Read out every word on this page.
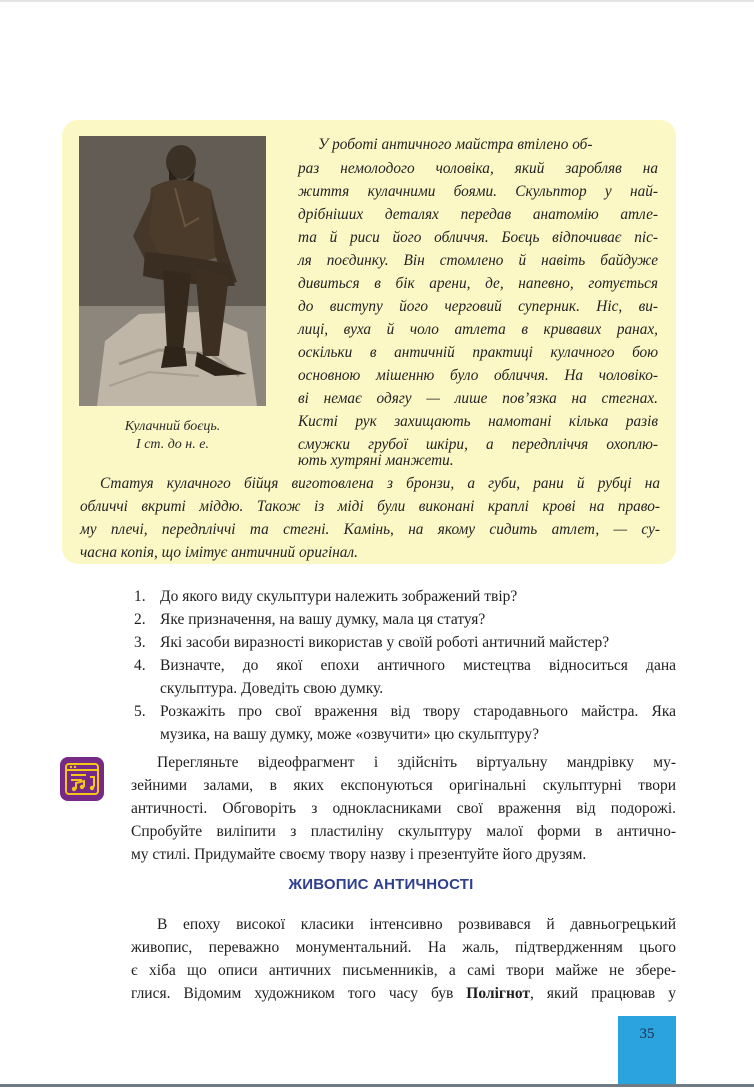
Кулачний боєць.
І ст. до н. е.
У роботі античного майстра втілено об-
раз немолодого чоловіка, який заробляв на
життя кулачними боями. Скульптор у най-
дрібніших деталях передав анатомію атле-
та й риси його обличчя. Боєць відпочиває піс-
ля поєдинку. Він стомлено й навіть байдуже
дивиться в бік арени, де, напевно, готується
до виступу його черговий суперник. Ніс, ви-
лиці, вуха й чоло атлета в кривавих ранах,
оскільки в античній практиці кулачного бою
основною мішенню було обличчя. На чоловіко-
ві немає одягу — лише пов’язка на стегнах.
Кисті рук захищають намотані кілька разів
смужки грубої шкіри, а передпліччя охоплю-
ють хутряні манжети.
Статуя кулачного бійця виготовлена з бронзи, а губи, рани й рубці на
обличчі вкриті міддю. Також із міді були виконані краплі крові на право-
му плечі, передпліччі та стегні. Камінь, на якому сидить атлет, — су-
часна копія, що імітує античний оригінал.
1. До якого виду скульптури належить зображений твір?
2. Яке призначення, на вашу думку, мала ця статуя?
3. Які засоби виразності використав у своїй роботі античний майстер?
4. Визначте, до якої епохи античного мистецтва відноситься дана
скульптура. Доведіть свою думку.
5. Розкажіть про свої враження від твору стародавнього майстра. Яка
музика, на вашу думку, може «озвучити» цю скульптуру?
Перегляньте відеофрагмент і здійсніть віртуальну мандрівку му-
зейними залами, в яких експонуються оригінальні скульптурні твори
античності. Обговоріть з однокласниками свої враження від подорожі.
Спробуйте виліпити з пластиліну скульптуру малої форми в антично-
му стилі. Придумайте своєму твору назву і презентуйте його друзям.
ЖИВОПИС АНТИЧНОСТІ
В епоху високої класики інтенсивно розвивався й давньогрецький
живопис, переважно монументальний. На жаль, підтвердженням цього
є хіба що описи античних письменників, а самі твори майже не збере-
глися. Відомим художником того часу був Полігнот, який працював у
35
